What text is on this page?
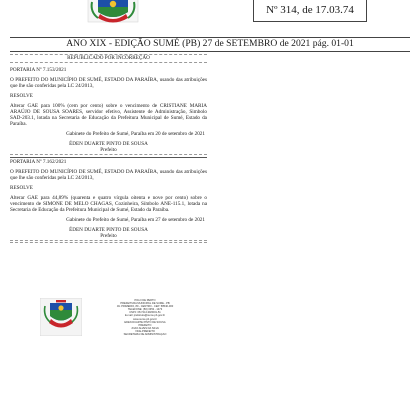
Nº 314, de 17.03.74
ANO XIX - EDIÇÃO SUMÉ (PB) 27 de SETEMBRO de 2021 pág. 01-01

REPUBLICADO POR INCORREÇÃO

PORTARIA Nº 7.153/2021

O PREFEITO DO MUNICÍPIO DE SUMÉ, ESTADO DA PARAÍBA, usando das atribuições que lhe são conferidas pela LC 24/2013,

RESOLVE

Alterar GAE para 100% (cem por cento) sobre o vencimento de CRISTIANE MARIA ARAÚJO DE SOUSA SOARES, servidor efetivo, Assistente de Administração, Simbolo SAD-203.1, lotada na Secretaria de Educação da Prefeitura Municipal de Sumé, Estado da Paraíba.

Gabinete do Prefeito de Sumé, Paraíba em 20 de setembro de 2021

ÉDEN DUARTE PINTO DE SOUSA

Prefeito

PORTARIA Nº 7.162/2021

O PREFEITO DO MUNICÍPIO DE SUMÉ, ESTADO DA PARAÍBA, usando das atribuições que lhe são conferidas pela LC 24/2013,

RESOLVE

Alterar GAE para 44,89% (quarenta e quatro vírgula oitenta e nove por cento) sobre o vencimento de SIMONE DE MELO CHAGAS, Cozinheira, Símbolo ANE-115.1, lotada na Secretaria de Educação da Prefeitura Municipal de Sumé, Estado da Paraíba.

Gabinete do Prefeito de Sumé, Paraíba em 27 de setembro de 2021

ÉDEN DUARTE PINTO DE SOUSA

Prefeito

POLO DE PERTO
PREFEITURA MUNICIPAL DE SUMÉ - PB
AV. PRIMEIRO, 89 - CENTRO - CEP: 58540-000
TELEFONE: (83) 3353 - 1473
CNPJ: 08.744.139/0001-51
E-mail: prefeitura@sume.pb.gov.br
www.sume.pb.gov.br
ÉDEN DUARTE PINTO DE SOUSA
PREFEITO
JOÃO ALVES DA SILVA
VICE-PREFEITO
SECRETARIA DE ADMINISTRAÇÃO
